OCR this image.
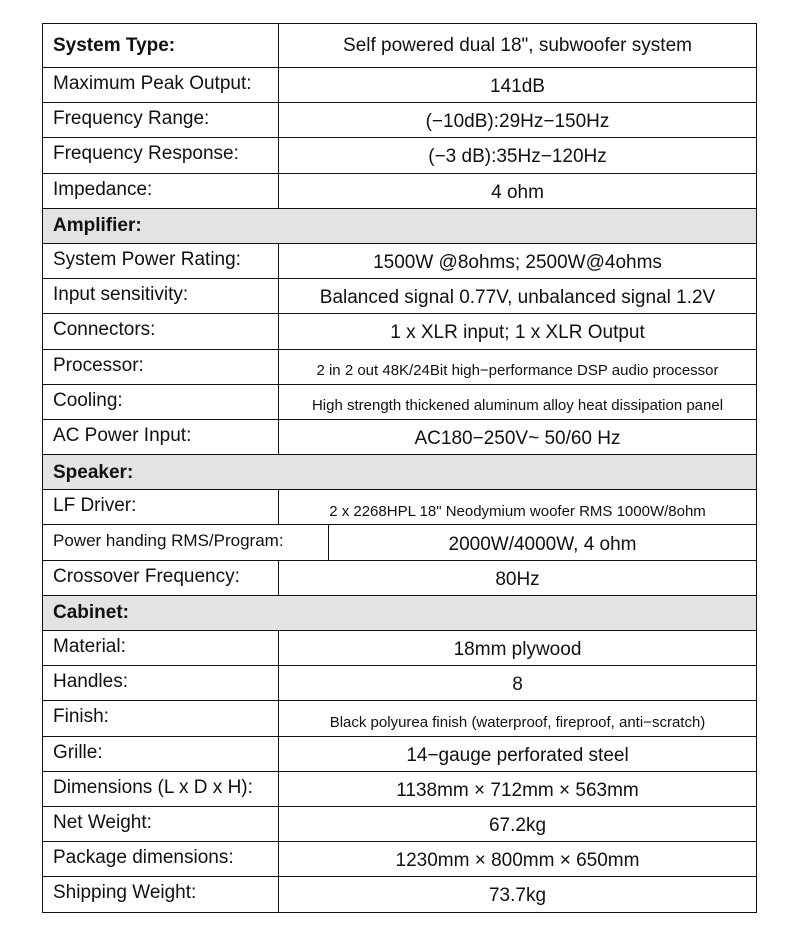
System Type:	Self powered dual 18", subwoofer system
Maximum Peak Output:	141dB
Frequency Range:	(−10dB):29Hz−150Hz
Frequency Response:	(−3 dB):35Hz−120Hz
Impedance:	4 ohm
Amplifier:
System Power Rating:	1500W @8ohms; 2500W@4ohms
Input sensitivity:	Balanced signal 0.77V, unbalanced signal 1.2V
Connectors:	1 x XLR input; 1 x XLR Output
Processor:	2 in 2 out 48K/24Bit high−performance DSP audio processor
Cooling:	High strength thickened aluminum alloy heat dissipation panel
AC Power Input:	AC180−250V~ 50/60 Hz
Speaker:
LF Driver:	2 x 2268HPL 18" Neodymium woofer RMS 1000W/8ohm
Power handing RMS/Program:	2000W/4000W, 4 ohm
Crossover Frequency:	80Hz
Cabinet:
Material:	18mm plywood
Handles:	8
Finish:	Black polyurea finish (waterproof, fireproof, anti−scratch)
Grille:	14−gauge perforated steel
Dimensions (L x D x H):	1138mm × 712mm × 563mm
Net Weight:	67.2kg
Package dimensions:	1230mm × 800mm × 650mm
Shipping Weight:	73.7kg
